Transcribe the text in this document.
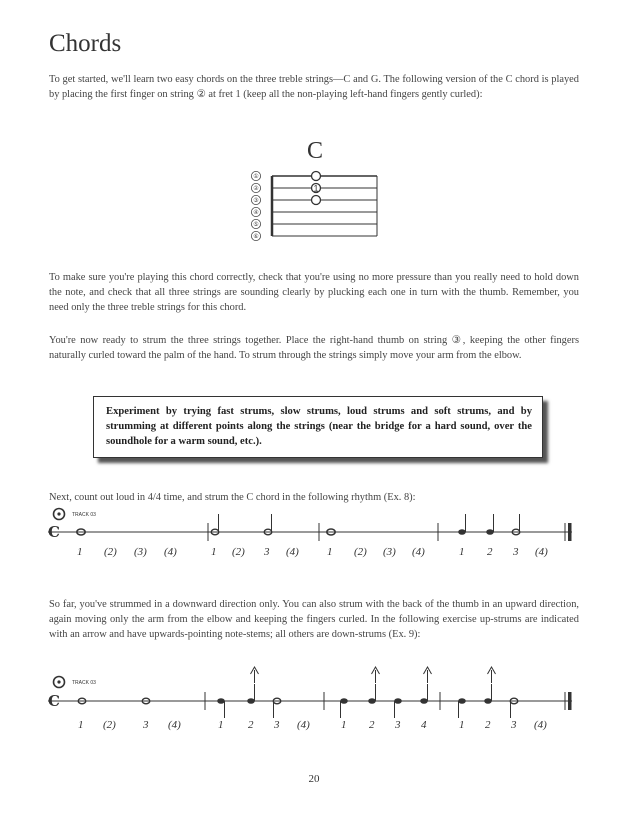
Chords
To get started, we'll learn two easy chords on the three treble strings—C and G. The following version of the C chord is played by placing the first finger on string ② at fret 1 (keep all the non-playing left-hand fingers gently curled):
C
1
To make sure you're playing this chord correctly, check that you're using no more pressure than you really need to hold down the note, and check that all three strings are sounding clearly by plucking each one in turn with the thumb. Remember, you need only the three treble strings for this chord.
You're now ready to strum the three strings together. Place the right-hand thumb on string ③, keeping the other fingers naturally curled toward the palm of the hand. To strum through the strings simply move your arm from the elbow.
Experiment by trying fast strums, slow strums, loud strums and soft strums, and by strumming at different points along the strings (near the bridge for a hard sound, over the soundhole for a warm sound, etc.).
Next, count out loud in 4/4 time, and strum the C chord in the following rhythm (Ex. 8):
TRACK 03
C
1 (2) (3) (4)	1 (2) 3 (4)	1 (2) (3) (4)	1 2 3 (4)
So far, you've strummed in a downward direction only. You can also strum with the back of the thumb in an upward direction, again moving only the arm from the elbow and keeping the fingers curled. In the following exercise up-strums are indicated with an arrow and have upwards-pointing note-stems; all others are down-strums (Ex. 9):
TRACK 03
C
1 (2) 3 (4)	1 2 3 (4)	1 2 3 4	1 2 3 (4)
①
②
③
④
⑤
⑥
20
